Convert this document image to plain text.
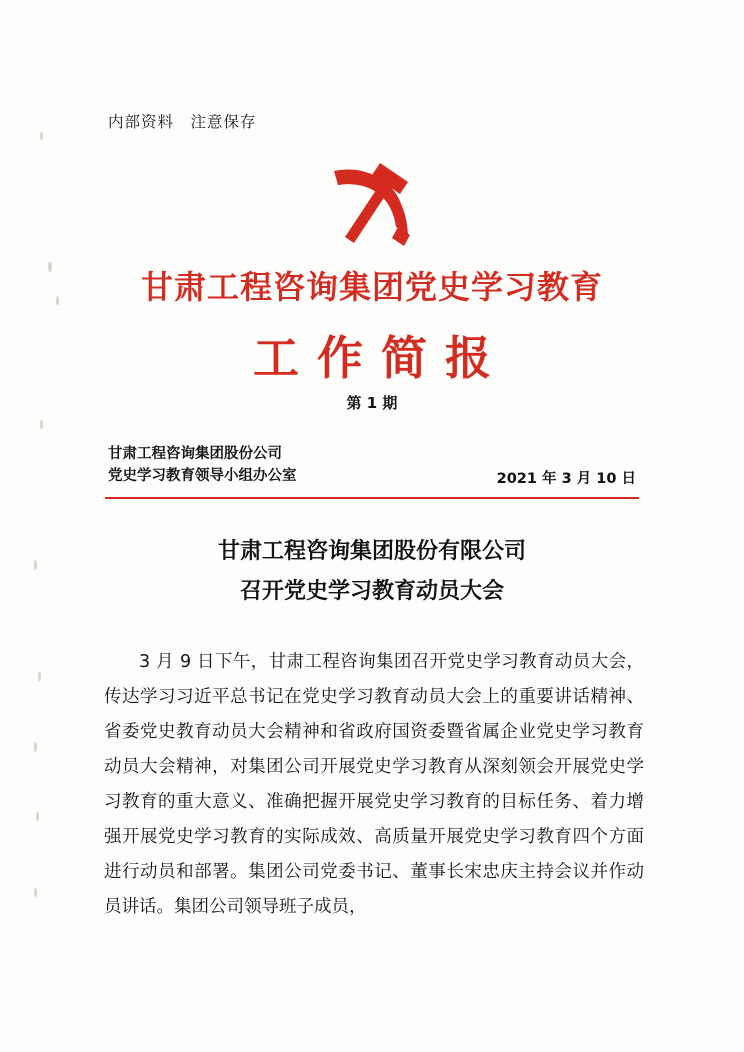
内部资料　注意保存
甘肃工程咨询集团党史学习教育
工作简报
第 1 期
甘肃工程咨询集团股份公司
党史学习教育领导小组办公室	2021 年 3 月 10 日
甘肃工程咨询集团股份有限公司
召开党史学习教育动员大会

3 月 9 日下午，甘肃工程咨询集团召开党史学习教育动员大会，传达学习习近平总书记在党史学习教育动员大会上的重要讲话精神、省委党史教育动员大会精神和省政府国资委暨省属企业党史学习教育动员大会精神，对集团公司开展党史学习教育从深刻领会开展党史学习教育的重大意义、准确把握开展党史学习教育的目标任务、着力增强开展党史学习教育的实际成效、高质量开展党史学习教育四个方面进行动员和部署。集团公司党委书记、董事长宋忠庆主持会议并作动员讲话。集团公司领导班子成员，
